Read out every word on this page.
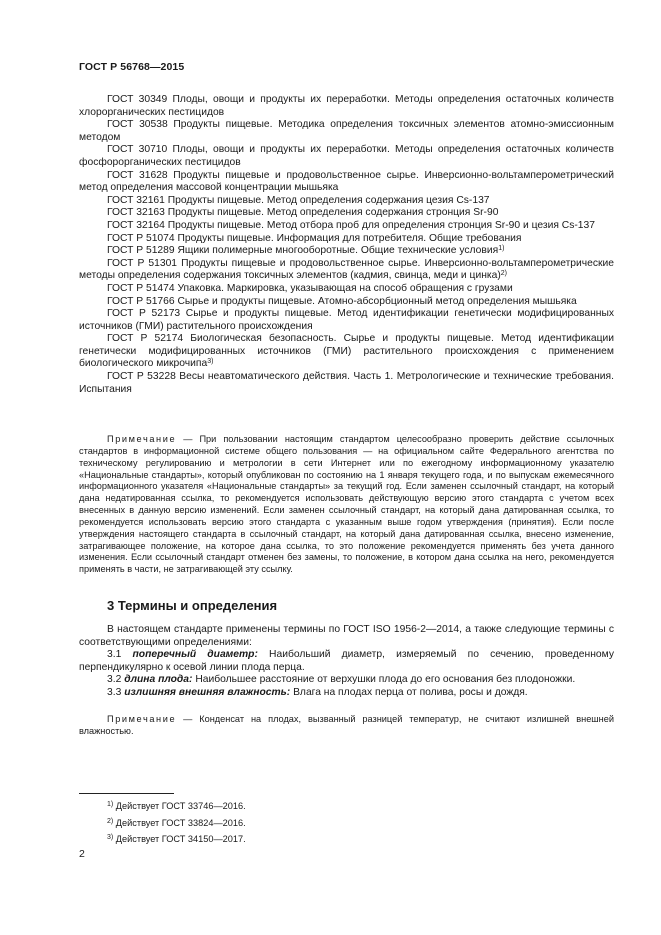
ГОСТ Р 56768—2015

ГОСТ 30349 Плоды, овощи и продукты их переработки. Методы определения остаточных количеств хлорорганических пестицидов

ГОСТ 30538 Продукты пищевые. Методика определения токсичных элементов атомно-эмиссионным методом

ГОСТ 30710 Плоды, овощи и продукты их переработки. Методы определения остаточных количеств фосфорорганических пестицидов

ГОСТ 31628 Продукты пищевые и продовольственное сырье. Инверсионно-вольтамперометрический метод определения массовой концентрации мышьяка

ГОСТ 32161 Продукты пищевые. Метод определения содержания цезия Cs-137

ГОСТ 32163 Продукты пищевые. Метод определения содержания стронция Sr-90

ГОСТ 32164 Продукты пищевые. Метод отбора проб для определения стронция Sr-90 и цезия Cs-137

ГОСТ Р 51074 Продукты пищевые. Информация для потребителя. Общие требования

ГОСТ Р 51289 Ящики полимерные многооборотные. Общие технические условия$^{1)}$

ГОСТ Р 51301 Продукты пищевые и продовольственное сырье. Инверсионно-вольтамперометрические методы определения содержания токсичных элементов (кадмия, свинца, меди и цинка)$^{2)}$

ГОСТ Р 51474 Упаковка. Маркировка, указывающая на способ обращения с грузами

ГОСТ Р 51766 Сырье и продукты пищевые. Атомно-абсорбционный метод определения мышьяка

ГОСТ Р 52173 Сырье и продукты пищевые. Метод идентификации генетически модифицированных источников (ГМИ) растительного происхождения

ГОСТ Р 52174 Биологическая безопасность. Сырье и продукты пищевые. Метод идентификации генетически модифицированных источников (ГМИ) растительного происхождения с применением биологического микрочипа$^{3)}$

ГОСТ Р 53228 Весы неавтоматического действия. Часть 1. Метрологические и технические требования. Испытания

Примечание — При пользовании настоящим стандартом целесообразно проверить действие ссылочных стандартов в информационной системе общего пользования — на официальном сайте Федерального агентства по техническому регулированию и метрологии в сети Интернет или по ежегодному информационному указателю «Национальные стандарты», который опубликован по состоянию на 1 января текущего года, и по выпускам ежемесячного информационного указателя «Национальные стандарты» за текущий год. Если заменен ссылочный стандарт, на который дана недатированная ссылка, то рекомендуется использовать действующую версию этого стандарта с учетом всех внесенных в данную версию изменений. Если заменен ссылочный стандарт, на который дана датированная ссылка, то рекомендуется использовать версию этого стандарта с указанным выше годом утверждения (принятия). Если после утверждения настоящего стандарта в ссылочный стандарт, на который дана датированная ссылка, внесено изменение, затрагивающее положение, на которое дана ссылка, то это положение рекомендуется применять без учета данного изменения. Если ссылочный стандарт отменен без замены, то положение, в котором дана ссылка на него, рекомендуется применять в части, не затрагивающей эту ссылку.

3 Термины и определения

В настоящем стандарте применены термины по ГОСТ ISO 1956-2—2014, а также следующие термины с соответствующими определениями:

3.1 поперечный диаметр: Наибольший диаметр, измеряемый по сечению, проведенному перпендикулярно к осевой линии плода перца.

3.2 длина плода: Наибольшее расстояние от верхушки плода до его основания без плодоножки.

3.3 излишняя внешняя влажность: Влага на плодах перца от полива, росы и дождя.

Примечание — Конденсат на плодах, вызванный разницей температур, не считают излишней внешней влажностью.

$^{1)}$ Действует ГОСТ 33746—2016.
$^{2)}$ Действует ГОСТ 33824—2016.
$^{3)}$ Действует ГОСТ 34150—2017.
2
